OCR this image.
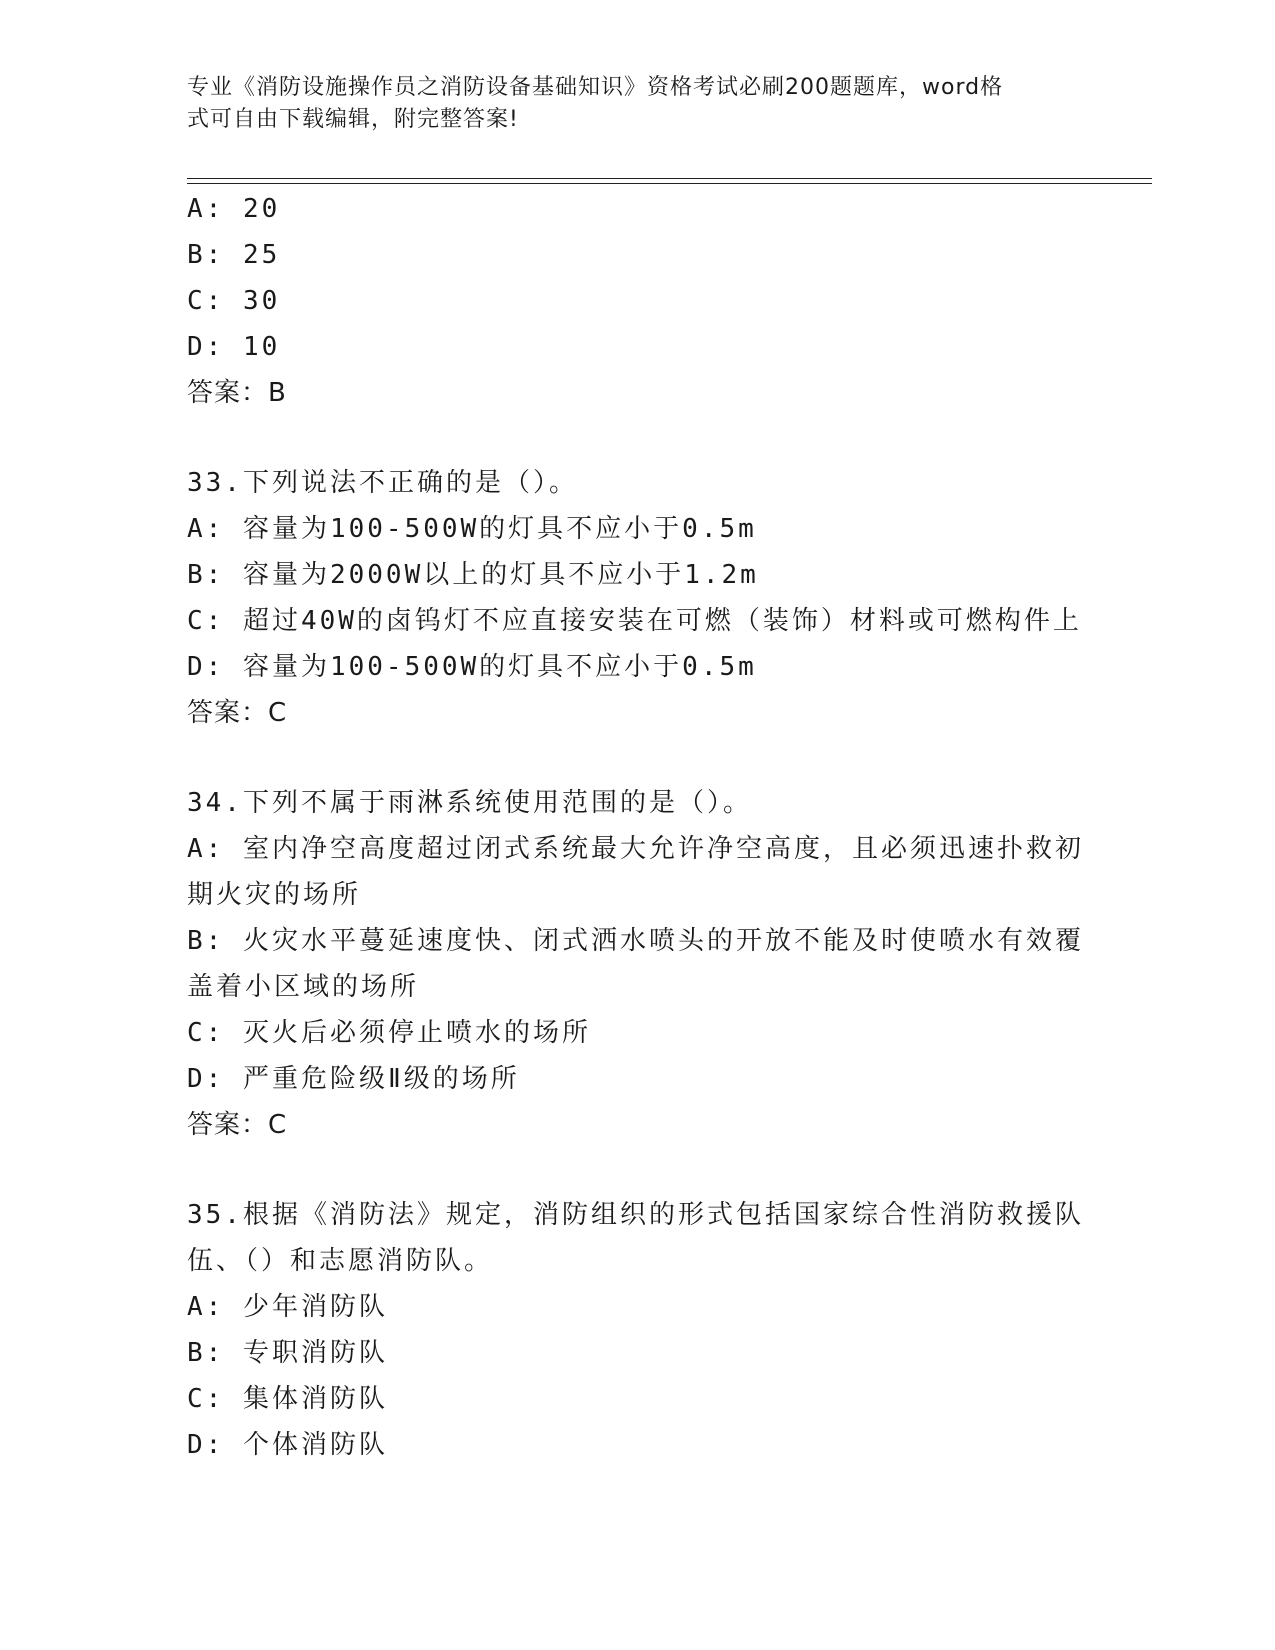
专业《消防设施操作员之消防设备基础知识》资格考试必刷200题题库，word格
式可自由下载编辑，附完整答案!
A: 20
B: 25
C: 30
D: 10
答案：B
33.下列说法不正确的是（）。
A: 容量为100-500W的灯具不应小于0.5m
B: 容量为2000W以上的灯具不应小于1.2m
C: 超过40W的卤钨灯不应直接安装在可燃（装饰）材料或可燃构件上
D: 容量为100-500W的灯具不应小于0.5m
答案：C
34.下列不属于雨淋系统使用范围的是（）。
A: 室内净空高度超过闭式系统最大允许净空高度，且必须迅速扑救初
期火灾的场所
B: 火灾水平蔓延速度快、闭式洒水喷头的开放不能及时使喷水有效覆
盖着小区域的场所
C: 灭火后必须停止喷水的场所
D: 严重危险级Ⅱ级的场所
答案：C
35.根据《消防法》规定，消防组织的形式包括国家综合性消防救援队
伍、（）和志愿消防队。
A: 少年消防队
B: 专职消防队
C: 集体消防队
D: 个体消防队
